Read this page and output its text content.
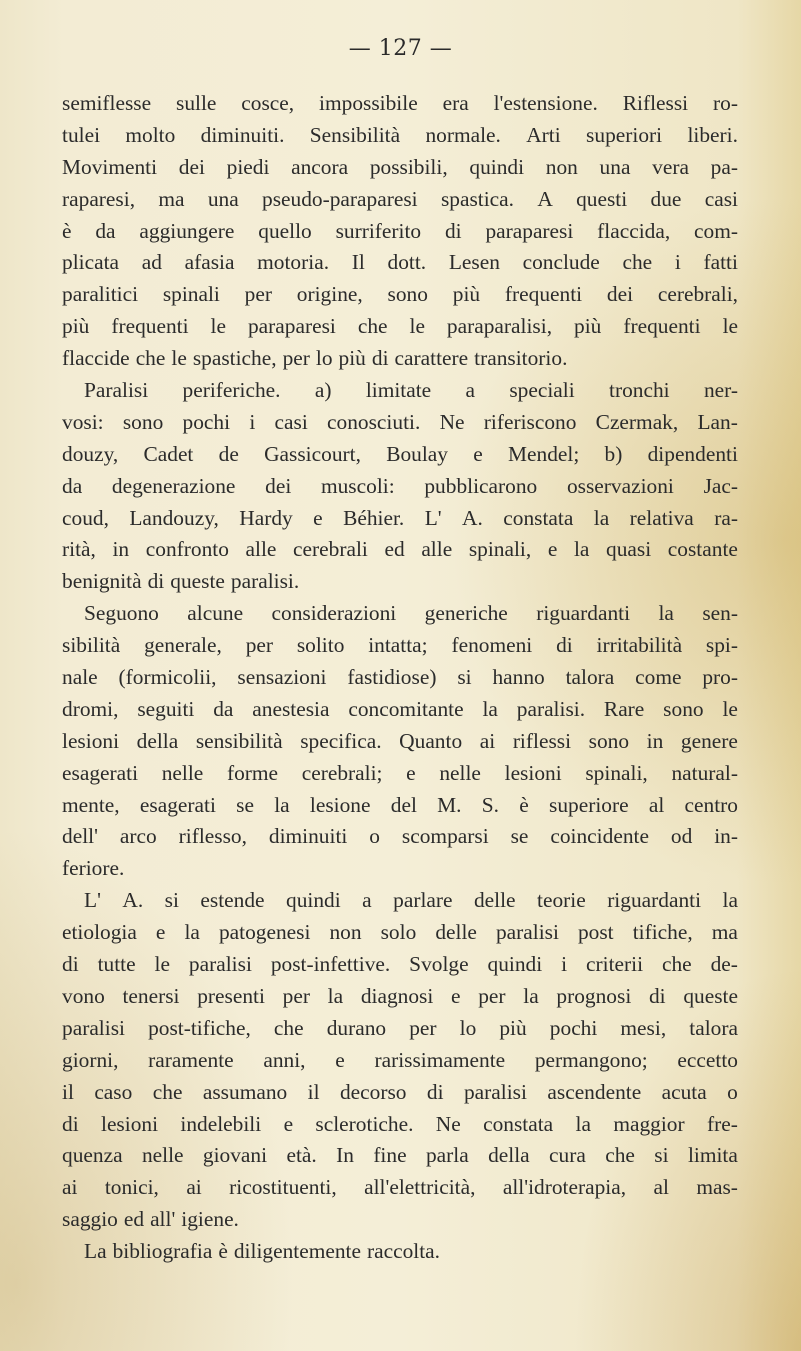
— 127 —
semiflesse sulle cosce, impossibile era l'estensione. Riflessi ro-
tulei molto diminuiti. Sensibilità normale. Arti superiori liberi.
Movimenti dei piedi ancora possibili, quindi non una vera pa-
raparesi, ma una pseudo-paraparesi spastica. A questi due casi
è da aggiungere quello surriferito di paraparesi flaccida, com-
plicata ad afasia motoria. Il dott. Lesen conclude che i fatti
paralitici spinali per origine, sono più frequenti dei cerebrali,
più frequenti le paraparesi che le paraparalisi, più frequenti le
flaccide che le spastiche, per lo più di carattere transitorio.
Paralisi periferiche. a) limitate a speciali tronchi ner-
vosi: sono pochi i casi conosciuti. Ne riferiscono Czermak, Lan-
douzy, Cadet de Gassicourt, Boulay e Mendel; b) dipendenti
da degenerazione dei muscoli: pubblicarono osservazioni Jac-
coud, Landouzy, Hardy e Béhier. L' A. constata la relativa ra-
rità, in confronto alle cerebrali ed alle spinali, e la quasi costante
benignità di queste paralisi.
Seguono alcune considerazioni generiche riguardanti la sen-
sibilità generale, per solito intatta; fenomeni di irritabilità spi-
nale (formicolii, sensazioni fastidiose) si hanno talora come pro-
dromi, seguiti da anestesia concomitante la paralisi. Rare sono le
lesioni della sensibilità specifica. Quanto ai riflessi sono in genere
esagerati nelle forme cerebrali; e nelle lesioni spinali, natural-
mente, esagerati se la lesione del M. S. è superiore al centro
dell' arco riflesso, diminuiti o scomparsi se coincidente od in-
feriore.
L' A. si estende quindi a parlare delle teorie riguardanti la
etiologia e la patogenesi non solo delle paralisi post tifiche, ma
di tutte le paralisi post-infettive. Svolge quindi i criterii che de-
vono tenersi presenti per la diagnosi e per la prognosi di queste
paralisi post-tifiche, che durano per lo più pochi mesi, talora
giorni, raramente anni, e rarissimamente permangono; eccetto
il caso che assumano il decorso di paralisi ascendente acuta o
di lesioni indelebili e sclerotiche. Ne constata la maggior fre-
quenza nelle giovani età. In fine parla della cura che si limita
ai tonici, ai ricostituenti, all'elettricità, all'idroterapia, al mas-
saggio ed all' igiene.
La bibliografia è diligentemente raccolta.
